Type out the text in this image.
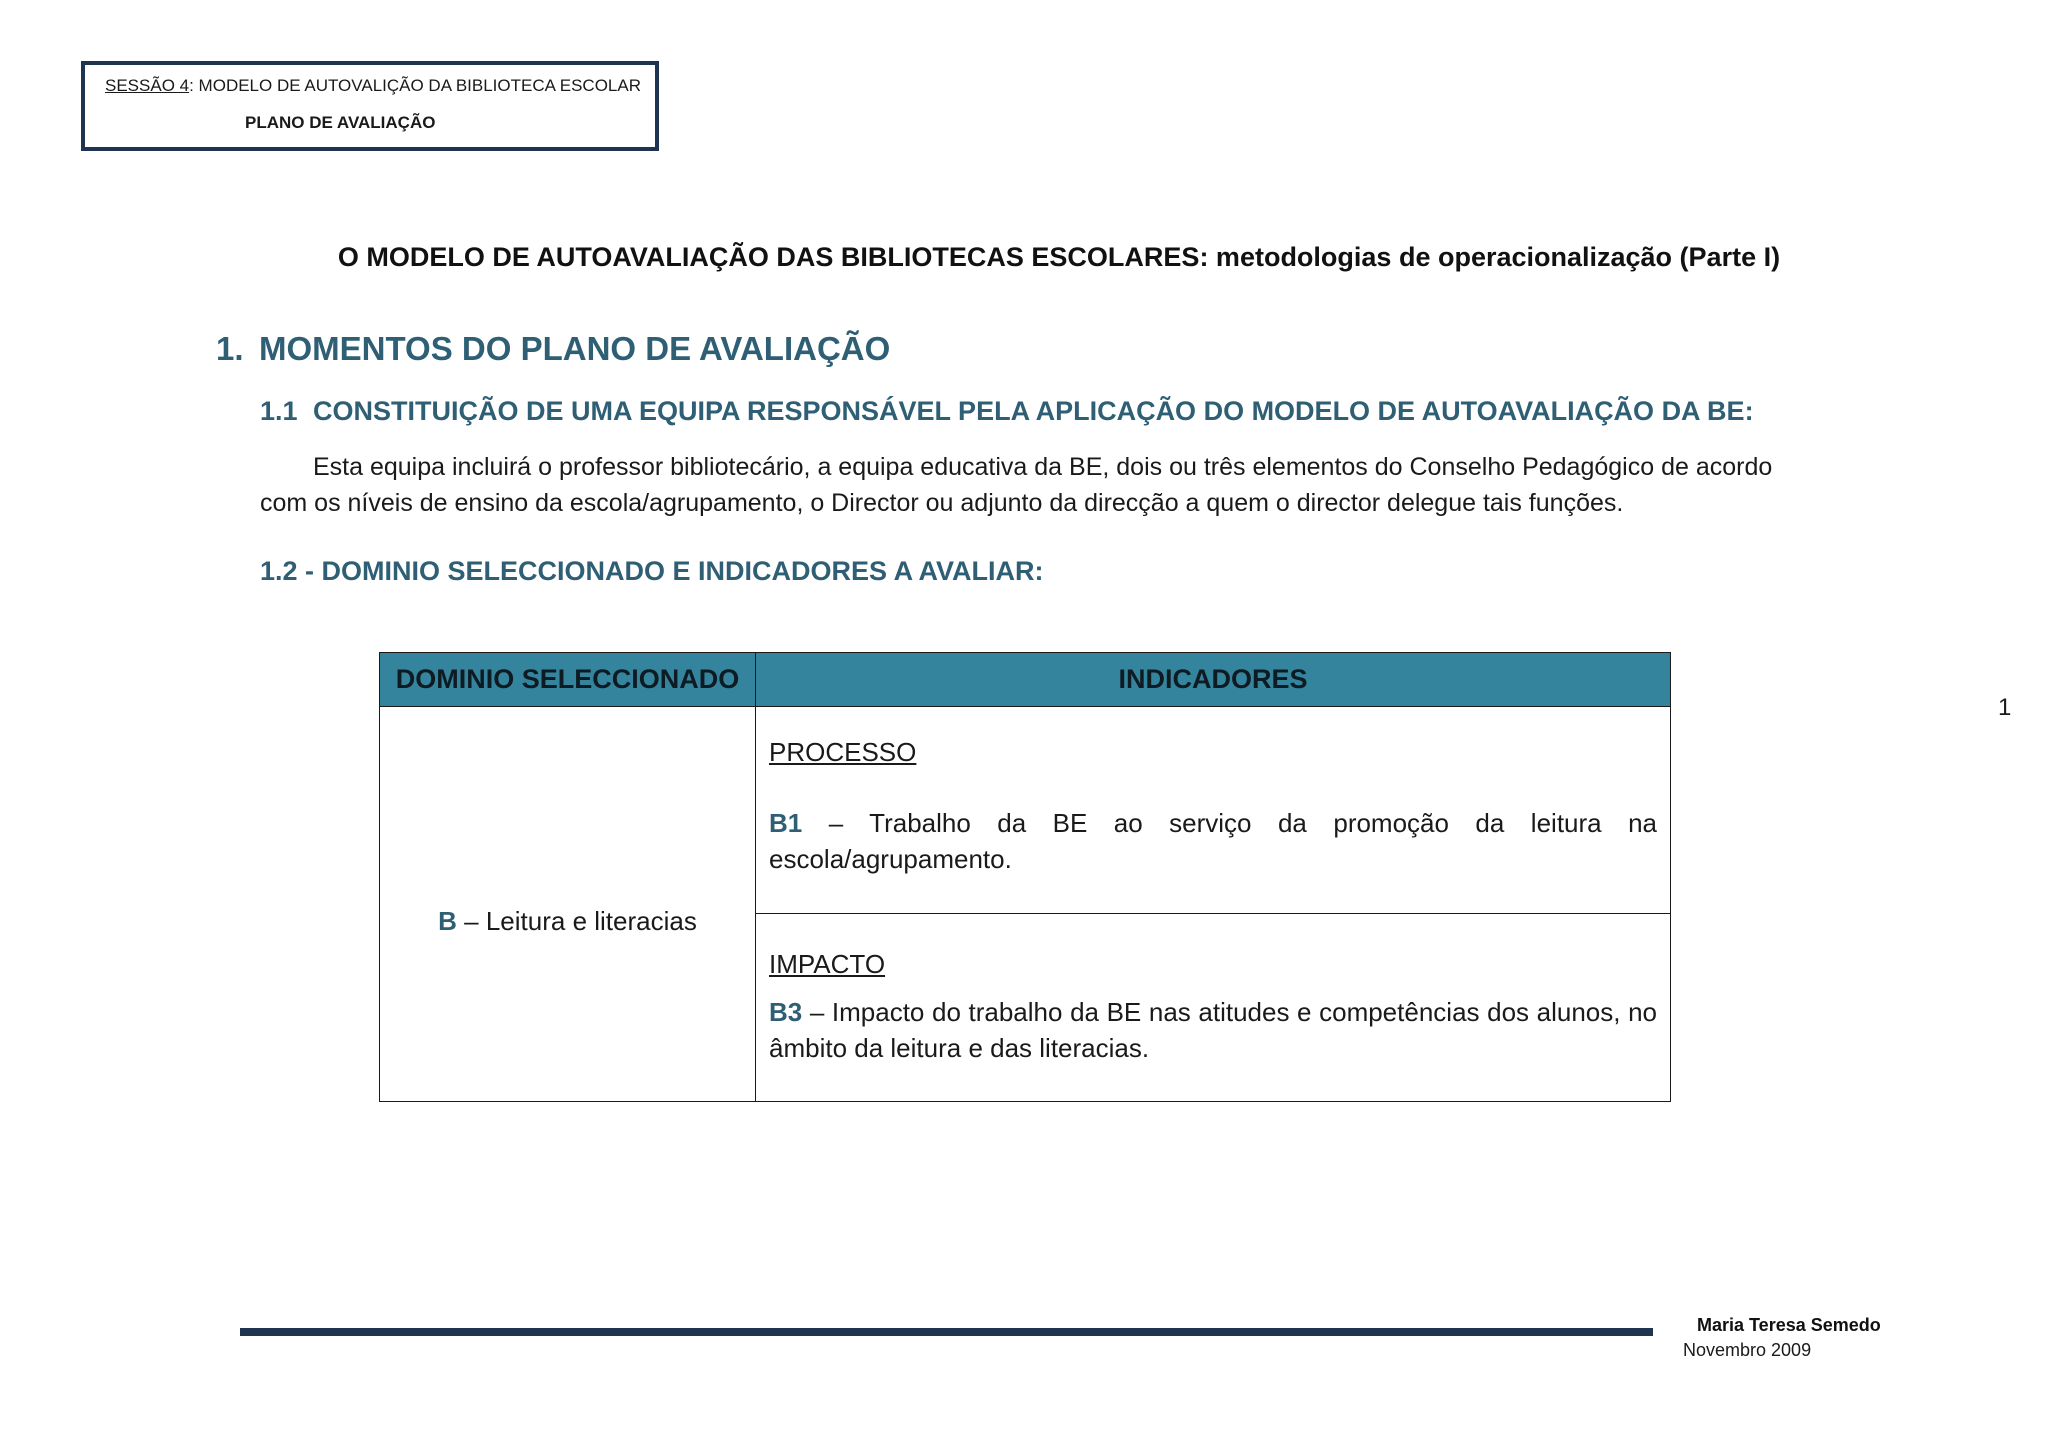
SESSÃO 4: MODELO DE AUTOVALIÇÃO DA BIBLIOTECA ESCOLAR
PLANO DE AVALIAÇÃO
O MODELO DE AUTOAVALIAÇÃO DAS BIBLIOTECAS ESCOLARES: metodologias de operacionalização (Parte I)
1. MOMENTOS DO PLANO DE AVALIAÇÃO
1.1 CONSTITUIÇÃO DE UMA EQUIPA RESPONSÁVEL PELA APLICAÇÃO DO MODELO DE AUTOAVALIAÇÃO DA BE:
Esta equipa incluirá o professor bibliotecário, a equipa educativa da BE, dois ou três elementos do Conselho Pedagógico de acordo
com os níveis de ensino da escola/agrupamento, o Director ou adjunto da direcção a quem o director delegue tais funções.
1.2 - DOMINIO SELECCIONADO E INDICADORES A AVALIAR:
DOMINIO SELECCIONADO	INDICADORES
B – Leitura e literacias	PROCESSO
B1 – Trabalho da BE ao serviço da promoção da leitura na escola/agrupamento.

	IMPACTO
B3 – Impacto do trabalho da BE nas atitudes e competências dos alunos, no âmbito da leitura e das literacias.
1
Maria Teresa Semedo
Novembro 2009
